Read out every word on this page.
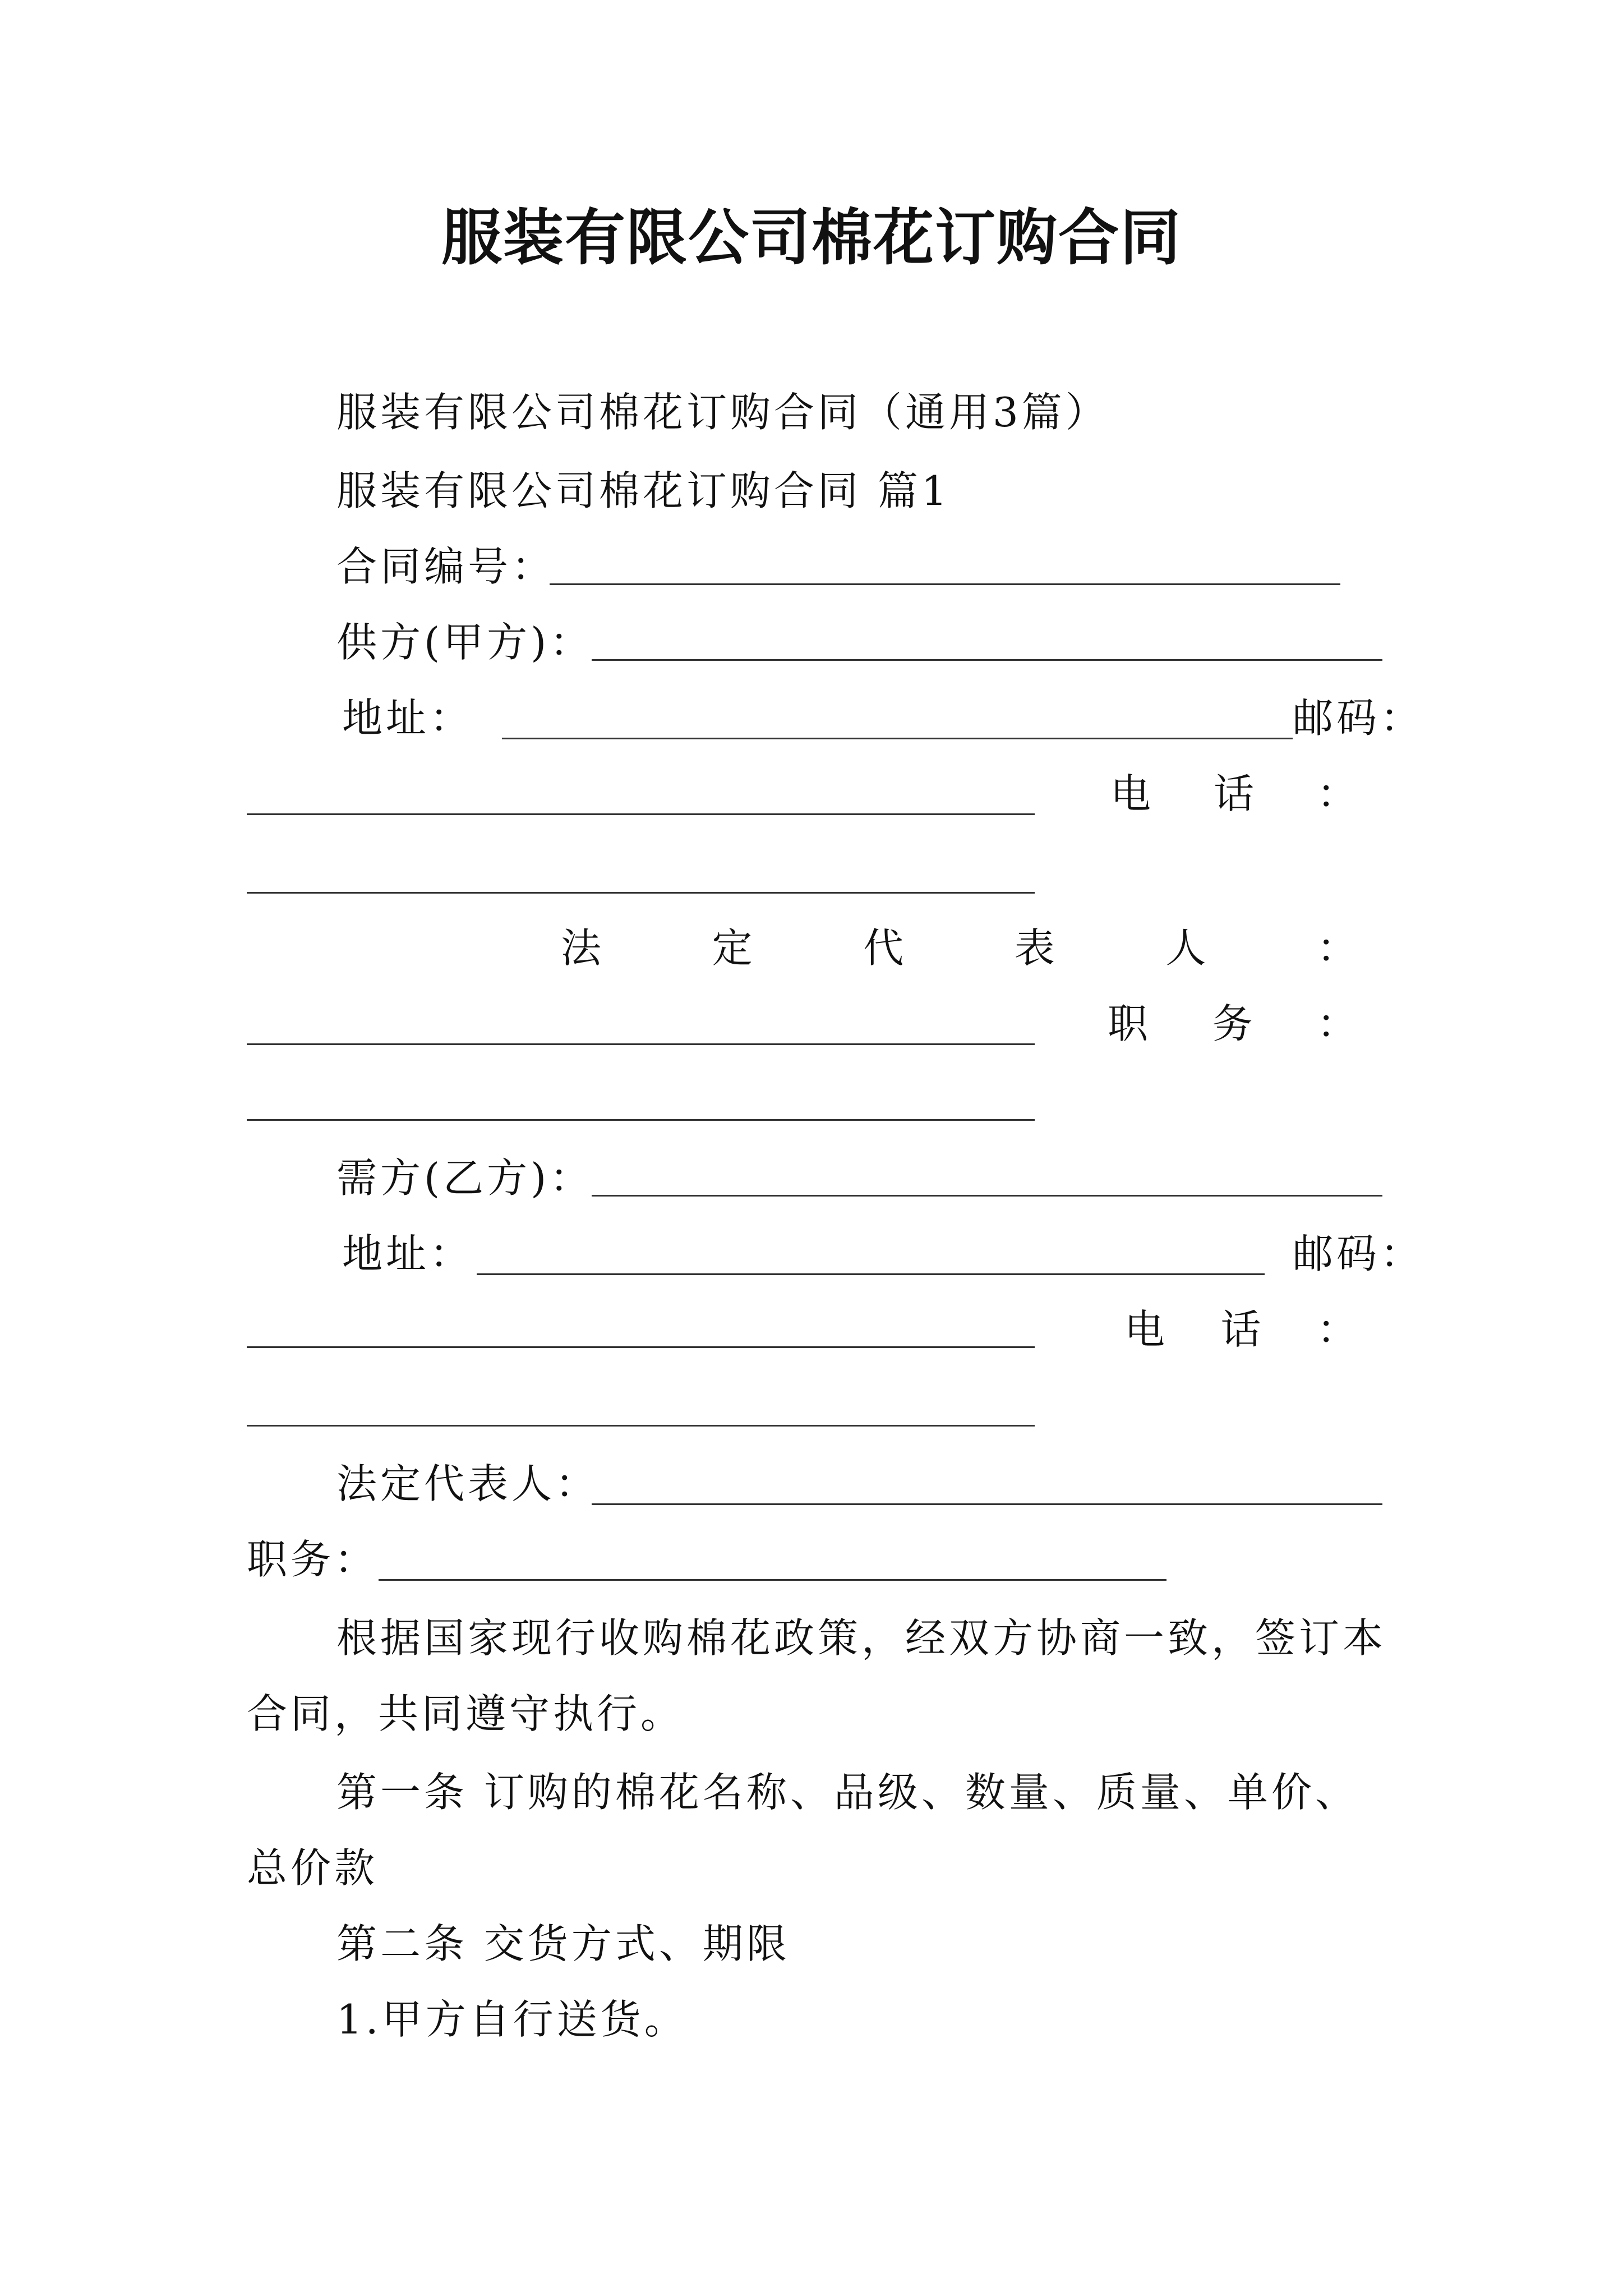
服装有限公司棉花订购合同
服装有限公司棉花订购合同（通用3篇）
服装有限公司棉花订购合同 篇1
合同编号：
供方(甲方)：
地址：	邮码：
电 话 ：
法	定	代	表	人	：
职 务 ：
需方(乙方)：
地址：	邮码：
电 话 ：
法定代表人：
职务：
根据国家现行收购棉花政策，经双方协商一致，签订本
合同，共同遵守执行。
第一条 订购的棉花名称、品级、数量、质量、单价、
总价款
第二条 交货方式、期限
1.甲方自行送货。
